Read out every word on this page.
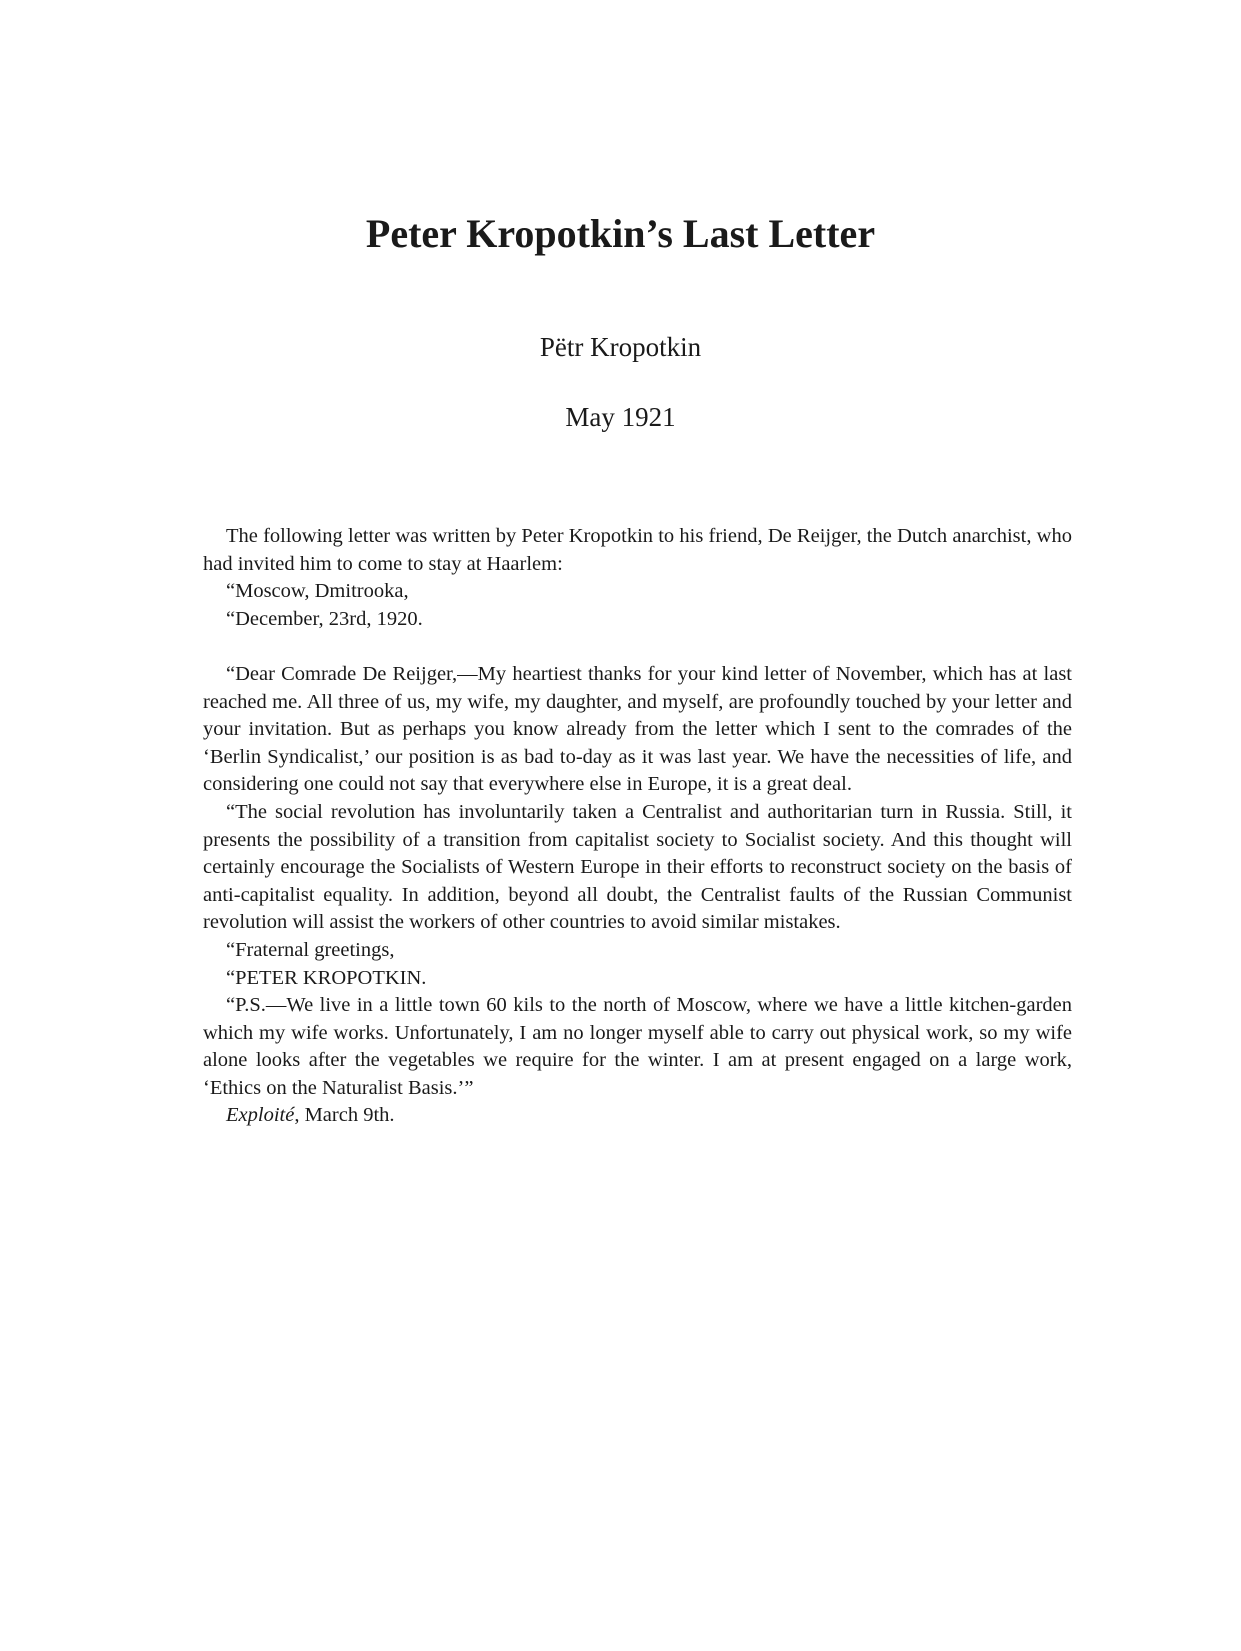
Peter Kropotkin’s Last Letter
Pëtr Kropotkin
May 1921

The following letter was written by Peter Kropotkin to his friend, De Reijger, the Dutch anarchist, who had invited him to come to stay at Haarlem:

“Moscow, Dmitrooka,

“December, 23rd, 1920.

“Dear Comrade De Reijger,—My heartiest thanks for your kind letter of November, which has at last reached me. All three of us, my wife, my daughter, and myself, are profoundly touched by your letter and your invitation. But as perhaps you know already from the letter which I sent to the comrades of the ‘Berlin Syndicalist,’ our position is as bad to-day as it was last year. We have the necessities of life, and considering one could not say that everywhere else in Europe, it is a great deal.

“The social revolution has involuntarily taken a Centralist and authoritarian turn in Russia. Still, it presents the possibility of a transition from capitalist society to Socialist society. And this thought will certainly encourage the Socialists of Western Europe in their efforts to reconstruct society on the basis of anti-capitalist equality. In addition, beyond all doubt, the Centralist faults of the Russian Communist revolution will assist the workers of other countries to avoid similar mistakes.

“Fraternal greetings,

“PETER KROPOTKIN.

“P.S.—We live in a little town 60 kils to the north of Moscow, where we have a little kitchen-garden which my wife works. Unfortunately, I am no longer myself able to carry out physical work, so my wife alone looks after the vegetables we require for the winter. I am at present engaged on a large work, ‘Ethics on the Naturalist Basis.’”

Exploité, March 9th.
